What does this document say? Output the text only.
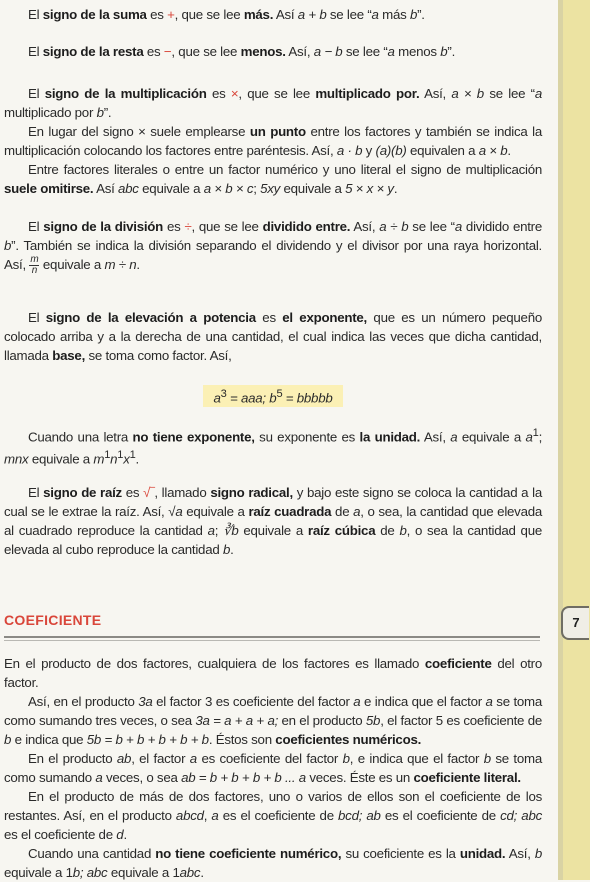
7

El signo de la suma es +, que se lee más. Así a + b se lee “a más b”.

El signo de la resta es −, que se lee menos. Así, a − b se lee “a menos b”.

El signo de la multiplicación es ×, que se lee multiplicado por. Así, a × b se lee “a multiplicado por b”.
En lugar del signo × suele emplearse un punto entre los factores y también se indica la multiplicación colocando los factores entre paréntesis. Así, a · b y (a)(b) equivalen a a × b.
Entre factores literales o entre un factor numérico y uno literal el signo de multiplicación suele omitirse. Así abc equivale a a × b × c; 5xy equivale a 5 × x × y.

El signo de la división es ÷, que se lee dividido entre. Así, a ÷ b se lee “a dividido entre b”. También se indica la división separando el dividendo y el divisor por una raya horizontal. Así, $\frac{m}{n}$ equivale a m ÷ n.

El signo de la elevación a potencia es el exponente, que es un número pequeño colocado arriba y a la derecha de una cantidad, el cual indica las veces que dicha cantidad, llamada base, se toma como factor. Así,

$a^3$ = aaa; $b^5$ = bbbbb

Cuando una letra no tiene exponente, su exponente es la unidad. Así, a equivale a $a^1$; mnx equivale a $m^1n^1x^1$.

El signo de raíz es √‾, llamado signo radical, y bajo este signo se coloca la cantidad a la cual se le extrae la raíz. Así, √a equivale a raíz cuadrada de a, o sea, la cantidad que elevada al cuadrado reproduce la cantidad a; ∛b equivale a raíz cúbica de b, o sea la cantidad que elevada al cubo reproduce la cantidad b.

COEFICIENTE

En el producto de dos factores, cualquiera de los factores es llamado coeficiente del otro factor.
Así, en el producto 3a el factor 3 es coeficiente del factor a e indica que el factor a se toma como sumando tres veces, o sea 3a = a + a + a; en el producto 5b, el factor 5 es coeficiente de b e indica que 5b = b + b + b + b + b. Éstos son coeficientes numéricos.
En el producto ab, el factor a es coeficiente del factor b, e indica que el factor b se toma como sumando a veces, o sea ab = b + b + b + b ... a veces. Éste es un coeficiente literal.
En el producto de más de dos factores, uno o varios de ellos son el coeficiente de los restantes. Así, en el producto abcd, a es el coeficiente de bcd; ab es el coeficiente de cd; abc es el coeficiente de d.
Cuando una cantidad no tiene coeficiente numérico, su coeficiente es la unidad. Así, b equivale a 1b; abc equivale a 1abc.
